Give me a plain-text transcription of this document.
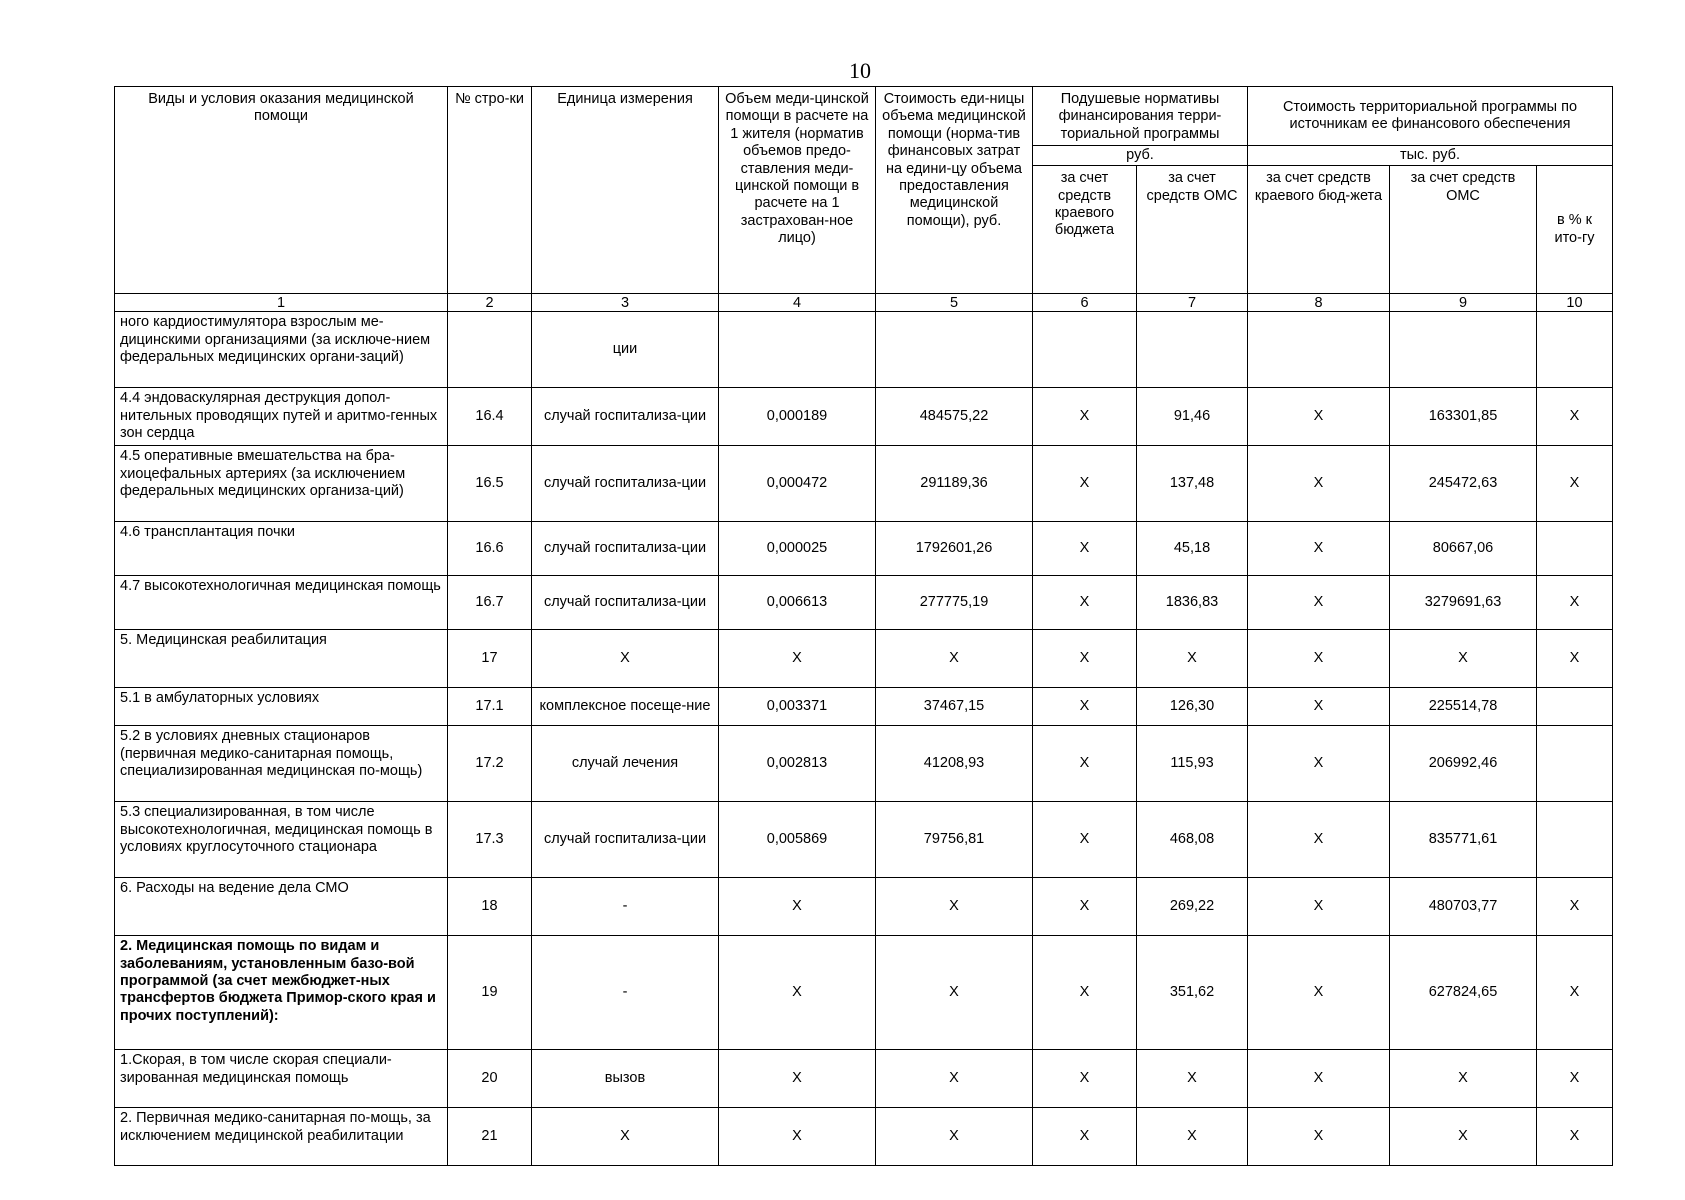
10
Виды и условия оказания медицинской помощи	№ стро-ки	Единица измерения	Объем меди-цинской помощи в расчете на 1 жителя (норматив объемов предо-ставления меди-цинской помощи в расчете на 1 застрахован-ное лицо)	Стоимость еди-ницы объема медицинской помощи (норма-тив финансовых затрат на едини-цу объема предоставления медицинской помощи), руб.	Подушевые нормативы финансирования терри-ториальной программы		Стоимость территориальной программы по источникам ее финансового обеспечения		
					руб.		тыс. руб.		
					за счет средств краевого бюджета	за счет средств ОМС	за счет средств краевого бюд-жета	за счет средств ОМС	в % к ито-гу
1	2	3	4	5	6	7	8	9	10
ного кардиостимулятора взрослым ме-дицинскими организациями (за исключе-нием федеральных медицинских органи-заций)		ции							
4.4 эндоваскулярная деструкция допол-нительных проводящих путей и аритмо-генных зон сердца	16.4	случай госпитализа-ции	0,000189	484575,22	X	91,46	X	163301,85	X
4.5 оперативные вмешательства на бра-хиоцефальных артериях (за исключением федеральных медицинских организа-ций)	16.5	случай госпитализа-ции	0,000472	291189,36	X	137,48	X	245472,63	X
4.6 трансплантация почки	16.6	случай госпитализа-ции	0,000025	1792601,26	X	45,18	X	80667,06	
4.7 высокотехнологичная медицинская помощь	16.7	случай госпитализа-ции	0,006613	277775,19	X	1836,83	X	3279691,63	X
5. Медицинская реабилитация	17	X	X	X	X	X	X	X	X
5.1 в амбулаторных условиях	17.1	комплексное посеще-ние	0,003371	37467,15	X	126,30	X	225514,78	
5.2 в условиях дневных стационаров (первичная медико-санитарная помощь, специализированная медицинская по-мощь)	17.2	случай лечения	0,002813	41208,93	X	115,93	X	206992,46	
5.3 специализированная, в том числе высокотехнологичная, медицинская помощь в условиях круглосуточного стационара	17.3	случай госпитализа-ции	0,005869	79756,81	X	468,08	X	835771,61	
6. Расходы на ведение дела СМО	18	-	X	X	X	269,22	X	480703,77	X
2. Медицинская помощь по видам и заболеваниям, установленным базо-вой программой (за счет межбюджет-ных трансфертов бюджета Примор-ского края и прочих поступлений):	19	-	X	X	X	351,62	X	627824,65	X
1.Скорая, в том числе скорая специали-зированная медицинская помощь	20	вызов	X	X	X	X	X	X	X
2. Первичная медико-санитарная по-мощь, за исключением медицинской реабилитации	21	X	X	X	X	X	X	X	X
